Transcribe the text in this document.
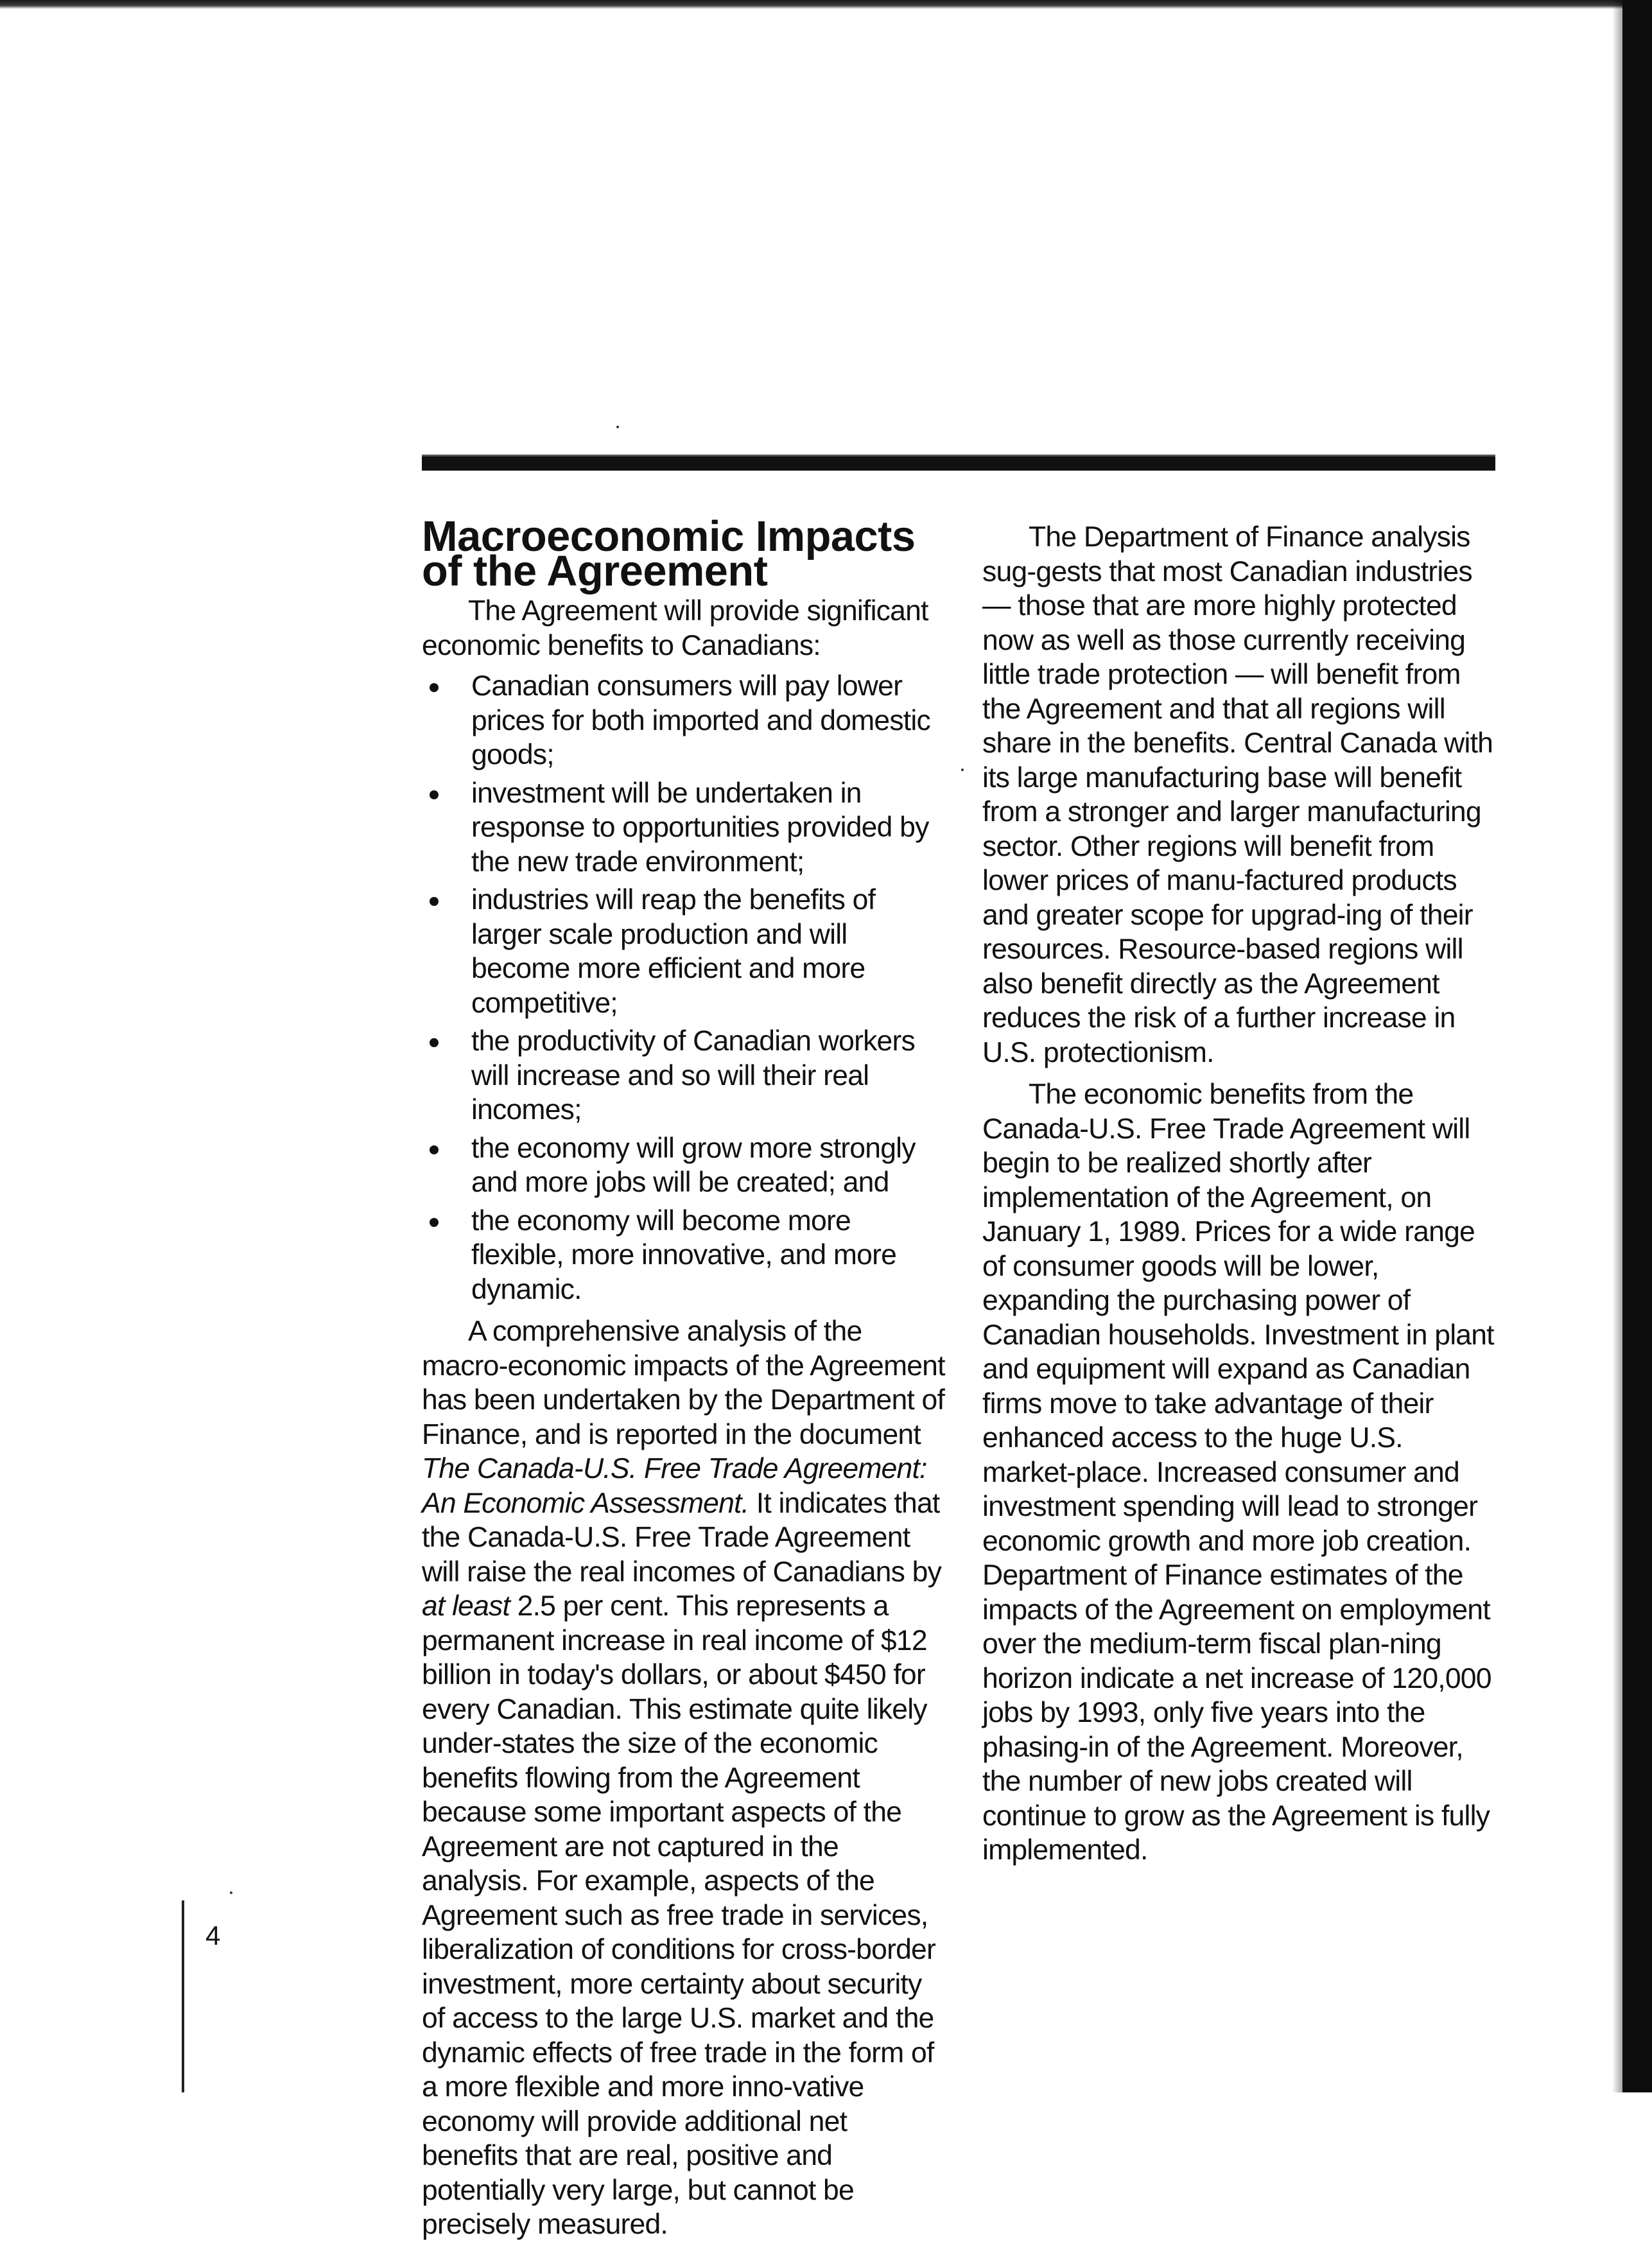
Macroeconomic Impacts of the Agreement

The Agreement will provide significant economic benefits to Canadians:

Canadian consumers will pay lower prices for both imported and domestic goods;
investment will be undertaken in response to opportunities provided by the new trade environment;
industries will reap the benefits of larger scale production and will become more efficient and more competitive;
the productivity of Canadian workers will increase and so will their real incomes;
the economy will grow more strongly and more jobs will be created; and
the economy will become more flexible, more innovative, and more dynamic.

A comprehensive analysis of the macro-economic impacts of the Agreement has been undertaken by the Department of Finance, and is reported in the document The Canada-U.S. Free Trade Agreement: An Economic Assessment. It indicates that the Canada-U.S. Free Trade Agreement will raise the real incomes of Canadians by at least 2.5 per cent. This represents a permanent increase in real income of $12 billion in today's dollars, or about $450 for every Canadian. This estimate quite likely under-states the size of the economic benefits flowing from the Agreement because some important aspects of the Agreement are not captured in the analysis. For example, aspects of the Agreement such as free trade in services, liberalization of conditions for cross-border investment, more certainty about security of access to the large U.S. market and the dynamic effects of free trade in the form of a more flexible and more inno-vative economy will provide additional net benefits that are real, positive and potentially very large, but cannot be precisely measured.

The Department of Finance analysis sug-gests that most Canadian industries — those that are more highly protected now as well as those currently receiving little trade protection — will benefit from the Agreement and that all regions will share in the benefits. Central Canada with its large manufacturing base will benefit from a stronger and larger manufacturing sector. Other regions will benefit from lower prices of manu-factured products and greater scope for upgrad-ing of their resources. Resource-based regions will also benefit directly as the Agreement reduces the risk of a further increase in U.S. protectionism.

The economic benefits from the Canada-U.S. Free Trade Agreement will begin to be realized shortly after implementation of the Agreement, on January 1, 1989. Prices for a wide range of consumer goods will be lower, expanding the purchasing power of Canadian households. Investment in plant and equipment will expand as Canadian firms move to take advantage of their enhanced access to the huge U.S. market-place. Increased consumer and investment spending will lead to stronger economic growth and more job creation. Department of Finance estimates of the impacts of the Agreement on employment over the medium-term fiscal plan-ning horizon indicate a net increase of 120,000 jobs by 1993, only five years into the phasing-in of the Agreement. Moreover, the number of new jobs created will continue to grow as the Agreement is fully implemented.

4
